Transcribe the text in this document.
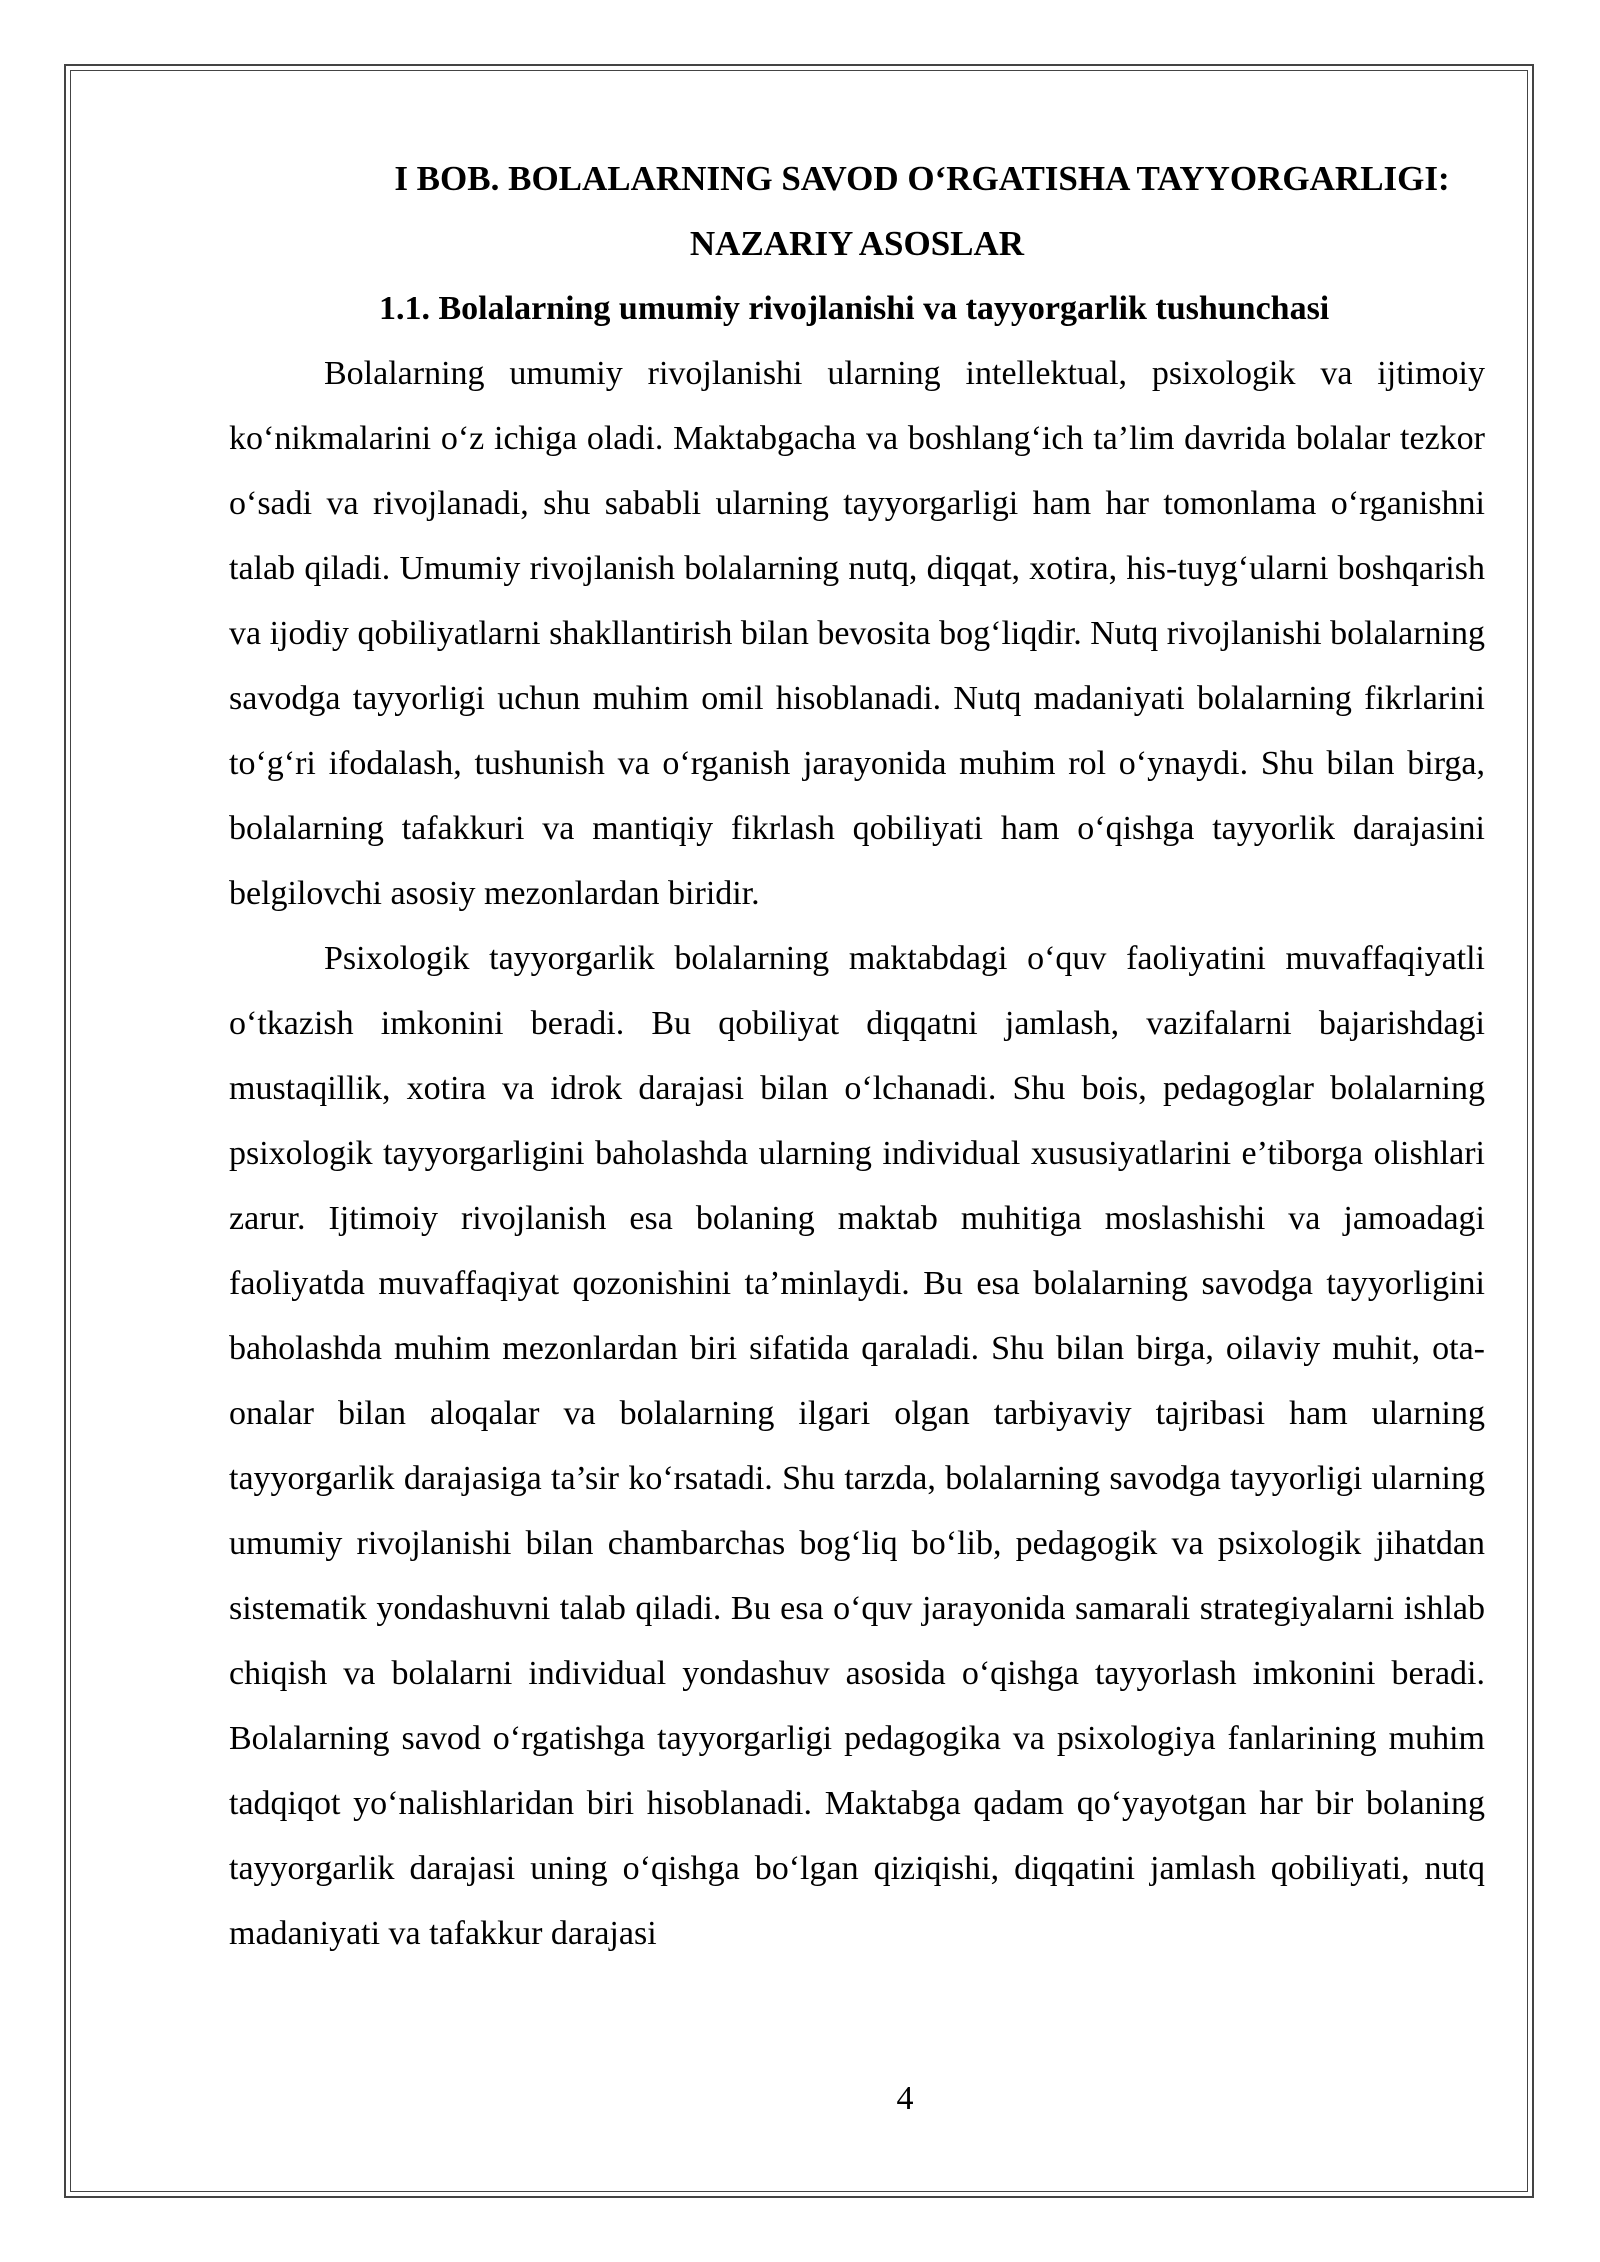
I BOB. BOLALARNING SAVOD O‘RGATISHA TAYYORGARLIGI:
NAZARIY ASOSLAR
1.1. Bolalarning umumiy rivojlanishi va tayyorgarlik tushunchasi

Bolalarning umumiy rivojlanishi ularning intellektual, psixologik va ijtimoiy ko‘nikmalarini o‘z ichiga oladi. Maktabgacha va boshlang‘ich ta’lim davrida bolalar tezkor o‘sadi va rivojlanadi, shu sababli ularning tayyorgarligi ham har tomonlama o‘rganishni talab qiladi. Umumiy rivojlanish bolalarning nutq, diqqat, xotira, his-tuyg‘ularni boshqarish va ijodiy qobiliyatlarni shakllantirish bilan bevosita bog‘liqdir. Nutq rivojlanishi bolalarning savodga tayyorligi uchun muhim omil hisoblanadi. Nutq madaniyati bolalarning fikrlarini to‘g‘ri ifodalash, tushunish va o‘rganish jarayonida muhim rol o‘ynaydi. Shu bilan birga, bolalarning tafakkuri va mantiqiy fikrlash qobiliyati ham o‘qishga tayyorlik darajasini belgilovchi asosiy mezonlardan biridir.

Psixologik tayyorgarlik bolalarning maktabdagi o‘quv faoliyatini muvaffaqiyatli o‘tkazish imkonini beradi. Bu qobiliyat diqqatni jamlash, vazifalarni bajarishdagi mustaqillik, xotira va idrok darajasi bilan o‘lchanadi. Shu bois, pedagoglar bolalarning psixologik tayyorgarligini baholashda ularning individual xususiyatlarini e’tiborga olishlari zarur. Ijtimoiy rivojlanish esa bolaning maktab muhitiga moslashishi va jamoadagi faoliyatda muvaffaqiyat qozonishini ta’minlaydi. Bu esa bolalarning savodga tayyorligini baholashda muhim mezonlardan biri sifatida qaraladi. Shu bilan birga, oilaviy muhit, ota-onalar bilan aloqalar va bolalarning ilgari olgan tarbiyaviy tajribasi ham ularning tayyorgarlik darajasiga ta’sir ko‘rsatadi. Shu tarzda, bolalarning savodga tayyorligi ularning umumiy rivojlanishi bilan chambarchas bog‘liq bo‘lib, pedagogik va psixologik jihatdan sistematik yondashuvni talab qiladi. Bu esa o‘quv jarayonida samarali strategiyalarni ishlab chiqish va bolalarni individual yondashuv asosida o‘qishga tayyorlash imkonini beradi. Bolalarning savod o‘rgatishga tayyorgarligi pedagogika va psixologiya fanlarining muhim tadqiqot yo‘nalishlaridan biri hisoblanadi. Maktabga qadam qo‘yayotgan har bir bolaning tayyorgarlik darajasi uning o‘qishga bo‘lgan qiziqishi, diqqatini jamlash qobiliyati, nutq madaniyati va tafakkur darajasi

4
